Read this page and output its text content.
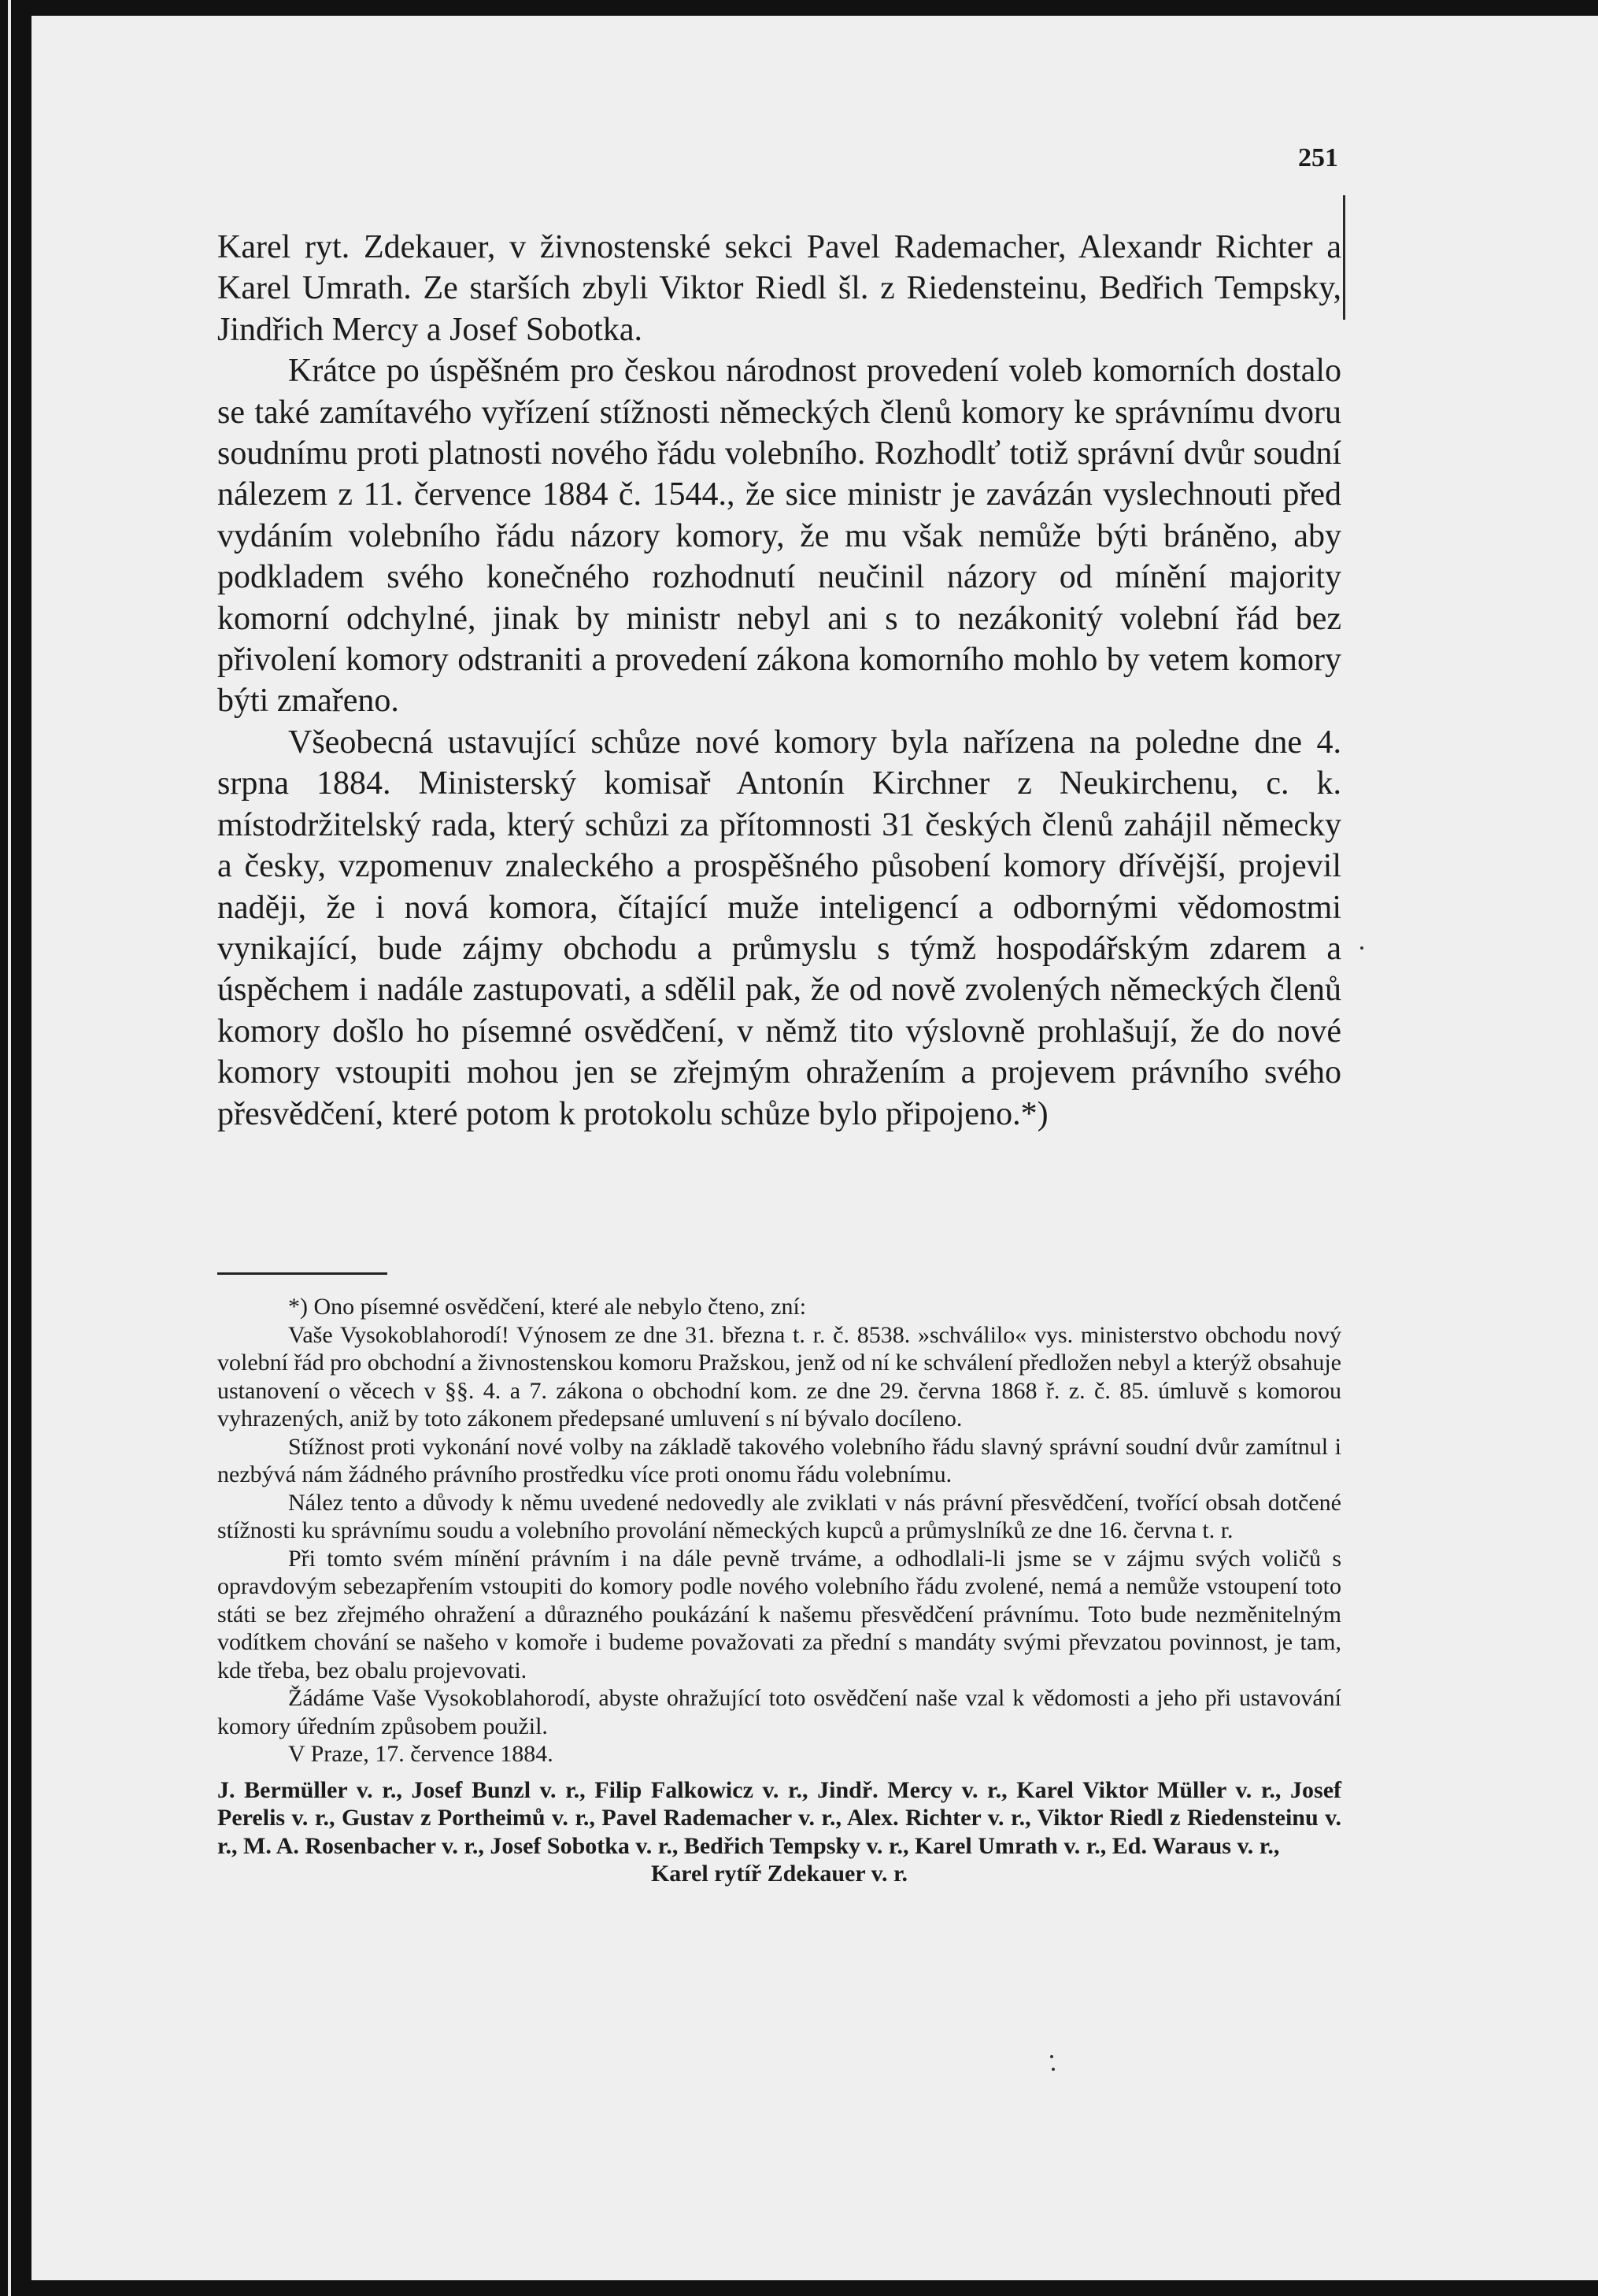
251

Karel ryt. Zdekauer, v živnostenské sekci Pavel Rademacher, Alexandr Richter a Karel Umrath. Ze starších zbyli Viktor Riedl šl. z Riedensteinu, Bedřich Tempsky, Jindřich Mercy a Josef Sobotka.

Krátce po úspěšném pro českou národnost provedení voleb komorních dostalo se také zamítavého vyřízení stížnosti německých členů komory ke správnímu dvoru soudnímu proti platnosti nového řádu volebního. Rozhodlť totiž správní dvůr soudní nálezem z 11. července 1884 č. 1544., že sice ministr je zavázán vyslechnouti před vydáním volebního řádu názory komory, že mu však nemůže býti bráněno, aby podkladem svého konečného rozhodnutí neučinil názory od mínění majority komorní odchylné, jinak by ministr nebyl ani s to nezákonitý volební řád bez přivolení komory odstraniti a provedení zákona komorního mohlo by vetem komory býti zmařeno.

Všeobecná ustavující schůze nové komory byla nařízena na poledne dne 4. srpna 1884. Ministerský komisař Antonín Kirchner z Neukirchenu, c. k. místodržitelský rada, který schůzi za přítomnosti 31 českých členů zahájil německy a česky, vzpomenuv znaleckého a prospěšného působení komory dřívější, projevil naději, že i nová komora, čítající muže inteligencí a odbornými vědomostmi vynikající, bude zájmy obchodu a průmyslu s týmž hospodářským zdarem a úspěchem i nadále zastupovati, a sdělil pak, že od nově zvolených německých členů komory došlo ho písemné osvědčení, v němž tito výslovně prohlašují, že do nové komory vstoupiti mohou jen se zřejmým ohražením a projevem právního svého přesvědčení, které potom k protokolu schůze bylo připojeno.*)

*) Ono písemné osvědčení, které ale nebylo čteno, zní:

Vaše Vysokoblahorodí! Výnosem ze dne 31. března t. r. č. 8538. »schválilo« vys. ministerstvo obchodu nový volební řád pro obchodní a živnostenskou komoru Pražskou, jenž od ní ke schválení předložen nebyl a kterýž obsahuje ustanovení o věcech v §§. 4. a 7. zákona o obchodní kom. ze dne 29. června 1868 ř. z. č. 85. úmluvě s komorou vyhrazených, aniž by toto zákonem předepsané umluvení s ní bývalo docíleno.

Stížnost proti vykonání nové volby na základě takového volebního řádu slavný správní soudní dvůr zamítnul i nezbývá nám žádného právního prostředku více proti onomu řádu volebnímu.

Nález tento a důvody k němu uvedené nedovedly ale zviklati v nás právní přesvědčení, tvořící obsah dotčené stížnosti ku správnímu soudu a volebního provolání německých kupců a průmyslníků ze dne 16. června t. r.

Při tomto svém mínění právním i na dále pevně trváme, a odhodlali-li jsme se v zájmu svých voličů s opravdovým sebezapřením vstoupiti do komory podle nového volebního řádu zvolené, nemá a nemůže vstoupení toto státi se bez zřejmého ohražení a důrazného poukázání k našemu přesvědčení právnímu. Toto bude nezměnitelným vodítkem chování se našeho v komoře i budeme považovati za přední s mandáty svými převzatou povinnost, je tam, kde třeba, bez obalu projevovati.

Žádáme Vaše Vysokoblahorodí, abyste ohražující toto osvědčení naše vzal k vědomosti a jeho při ustavování komory úředním způsobem použil.

V Praze, 17. července 1884.

J. Bermüller v. r., Josef Bunzl v. r., Filip Falkowicz v. r., Jindř. Mercy v. r., Karel Viktor Müller v. r., Josef Perelis v. r., Gustav z Portheimů v. r., Pavel Rademacher v. r., Alex. Richter v. r., Viktor Riedl z Riedensteinu v. r., M. A. Rosenbacher v. r., Josef Sobotka v. r., Bedřich Tempsky v. r., Karel Umrath v. r., Ed. Waraus v. r.,

Karel rytíř Zdekauer v. r.
